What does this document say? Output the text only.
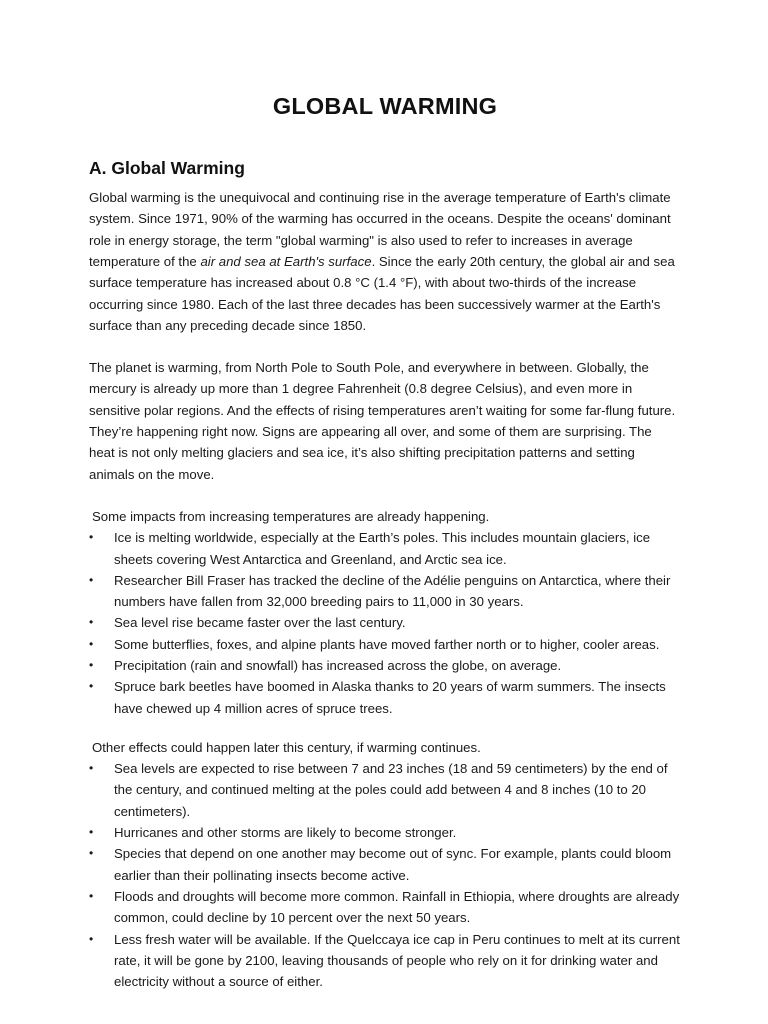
GLOBAL WARMING
A. Global Warming

Global warming is the unequivocal and continuing rise in the average temperature of Earth's climate system. Since 1971, 90% of the warming has occurred in the oceans. Despite the oceans' dominant role in energy storage, the term "global warming" is also used to refer to increases in average temperature of the air and sea at Earth's surface. Since the early 20th century, the global air and sea surface temperature has increased about 0.8 °C (1.4 °F), with about two-thirds of the increase occurring since 1980. Each of the last three decades has been successively warmer at the Earth's surface than any preceding decade since 1850.

The planet is warming, from North Pole to South Pole, and everywhere in between. Globally, the mercury is already up more than 1 degree Fahrenheit (0.8 degree Celsius), and even more in sensitive polar regions. And the effects of rising temperatures aren’t waiting for some far-flung future. They’re happening right now. Signs are appearing all over, and some of them are surprising. The heat is not only melting glaciers and sea ice, it’s also shifting precipitation patterns and setting animals on the move.

Some impacts from increasing temperatures are already happening.

• Ice is melting worldwide, especially at the Earth’s poles. This includes mountain glaciers, ice sheets covering West Antarctica and Greenland, and Arctic sea ice.
• Researcher Bill Fraser has tracked the decline of the Adélie penguins on Antarctica, where their numbers have fallen from 32,000 breeding pairs to 11,000 in 30 years.
• Sea level rise became faster over the last century.
• Some butterflies, foxes, and alpine plants have moved farther north or to higher, cooler areas.
• Precipitation (rain and snowfall) has increased across the globe, on average.
• Spruce bark beetles have boomed in Alaska thanks to 20 years of warm summers. The insects have chewed up 4 million acres of spruce trees.

Other effects could happen later this century, if warming continues.

• Sea levels are expected to rise between 7 and 23 inches (18 and 59 centimeters) by the end of the century, and continued melting at the poles could add between 4 and 8 inches (10 to 20 centimeters).
• Hurricanes and other storms are likely to become stronger.
• Species that depend on one another may become out of sync. For example, plants could bloom earlier than their pollinating insects become active.
• Floods and droughts will become more common. Rainfall in Ethiopia, where droughts are already common, could decline by 10 percent over the next 50 years.
• Less fresh water will be available. If the Quelccaya ice cap in Peru continues to melt at its current rate, it will be gone by 2100, leaving thousands of people who rely on it for drinking water and electricity without a source of either.
